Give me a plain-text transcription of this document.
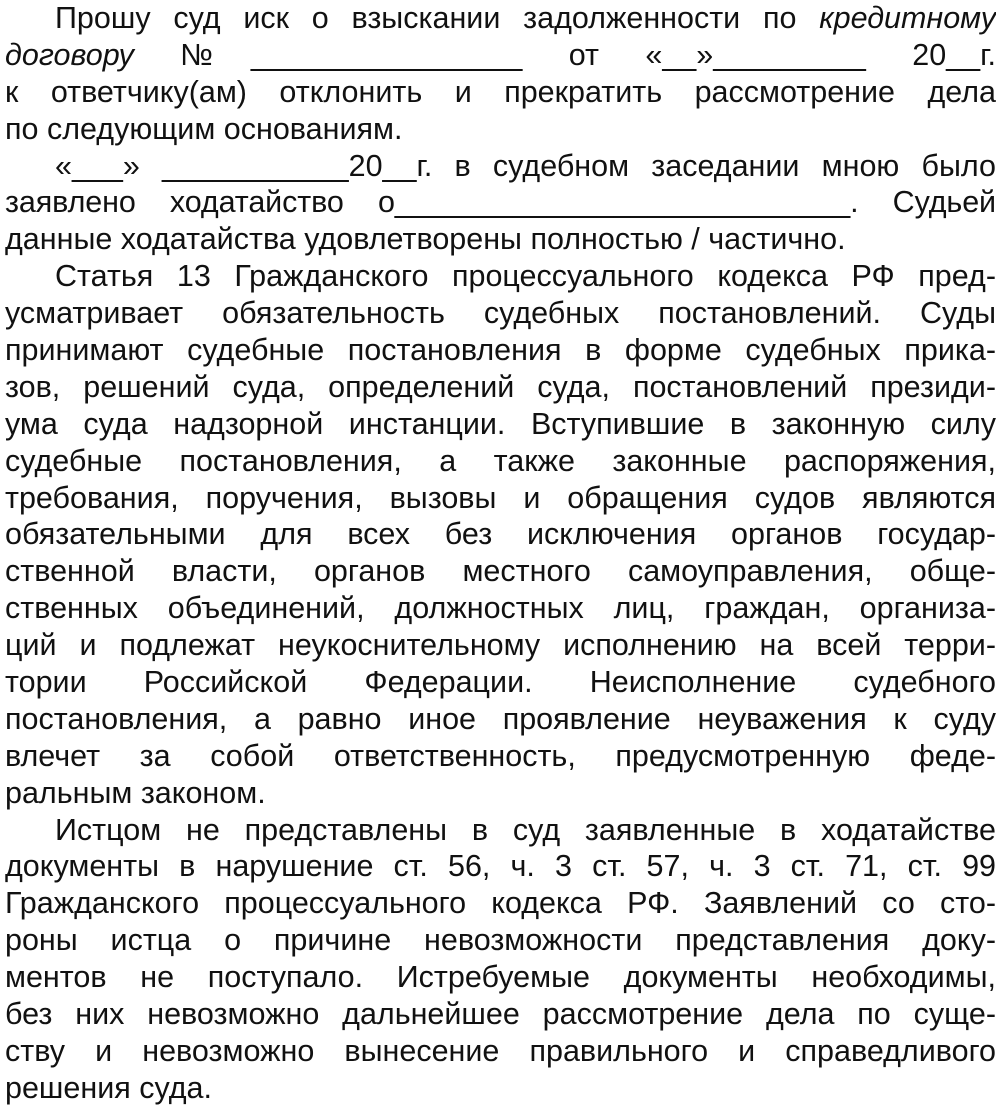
Прошу суд иск о взыскании задолженности по кредитному
договору №________________ от «__»_________ 20__г.
к ответчику(ам) отклонить и прекратить рассмотрение дела
по следующим основаниям.
«___» ___________20__г. в судебном заседании мною было
заявлено ходатайство о___________________________. Судьей
данные ходатайства удовлетворены полностью / частично.
Статья 13 Гражданского процессуального кодекса РФ пред-
усматривает обязательность судебных постановлений. Суды
принимают судебные постановления в форме судебных прика-
зов, решений суда, определений суда, постановлений президи-
ума суда надзорной инстанции. Вступившие в законную силу
судебные постановления, а также законные распоряжения,
требования, поручения, вызовы и обращения судов являются
обязательными для всех без исключения органов государ-
ственной власти, органов местного самоуправления, обще-
ственных объединений, должностных лиц, граждан, организа-
ций и подлежат неукоснительному исполнению на всей терри-
тории Российской Федерации. Неисполнение судебного
постановления, а равно иное проявление неуважения к суду
влечет за собой ответственность, предусмотренную феде-
ральным законом.
Истцом не представлены в суд заявленные в ходатайстве
документы в нарушение ст. 56, ч. 3 ст. 57, ч. 3 ст. 71, ст. 99
Гражданского процессуального кодекса РФ. Заявлений со сто-
роны истца о причине невозможности представления доку-
ментов не поступало. Истребуемые документы необходимы,
без них невозможно дальнейшее рассмотрение дела по суще-
ству и невозможно вынесение правильного и справедливого
решения суда.
